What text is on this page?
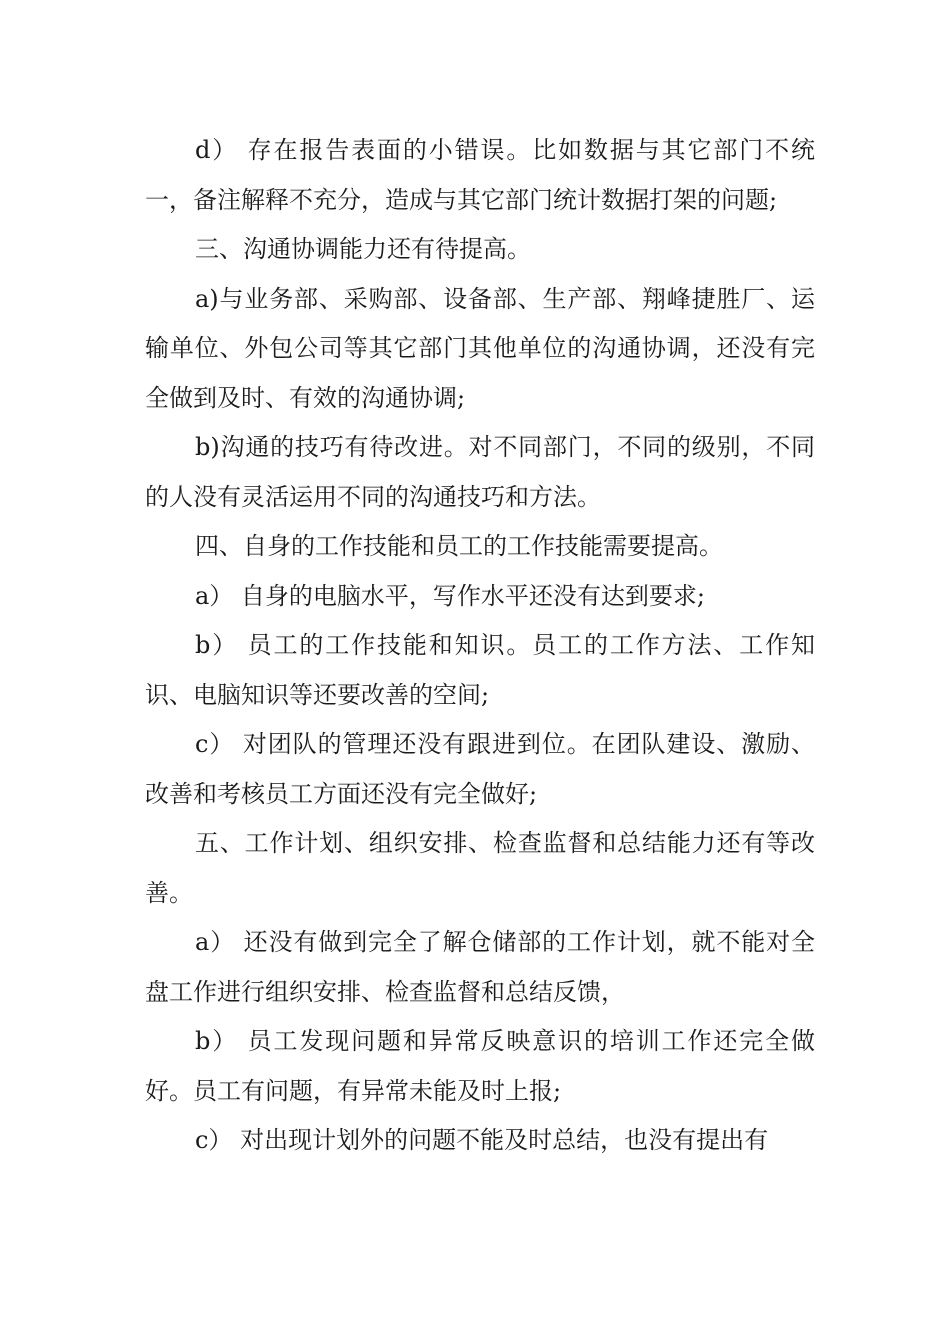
d） 存在报告表面的小错误。比如数据与其它部门不统一，备注解释不充分，造成与其它部门统计数据打架的问题;

三、沟通协调能力还有待提高。

a)与业务部、采购部、设备部、生产部、翔峰捷胜厂、运输单位、外包公司等其它部门其他单位的沟通协调，还没有完全做到及时、有效的沟通协调;

b)沟通的技巧有待改进。对不同部门，不同的级别，不同的人没有灵活运用不同的沟通技巧和方法。

四、自身的工作技能和员工的工作技能需要提高。

a） 自身的电脑水平，写作水平还没有达到要求;

b） 员工的工作技能和知识。员工的工作方法、工作知识、电脑知识等还要改善的空间;

c） 对团队的管理还没有跟进到位。在团队建设、激励、改善和考核员工方面还没有完全做好;

五、工作计划、组织安排、检查监督和总结能力还有等改善。

a） 还没有做到完全了解仓储部的工作计划，就不能对全盘工作进行组织安排、检查监督和总结反馈，

b） 员工发现问题和异常反映意识的培训工作还完全做好。员工有问题，有异常未能及时上报;

c） 对出现计划外的问题不能及时总结，也没有提出有
